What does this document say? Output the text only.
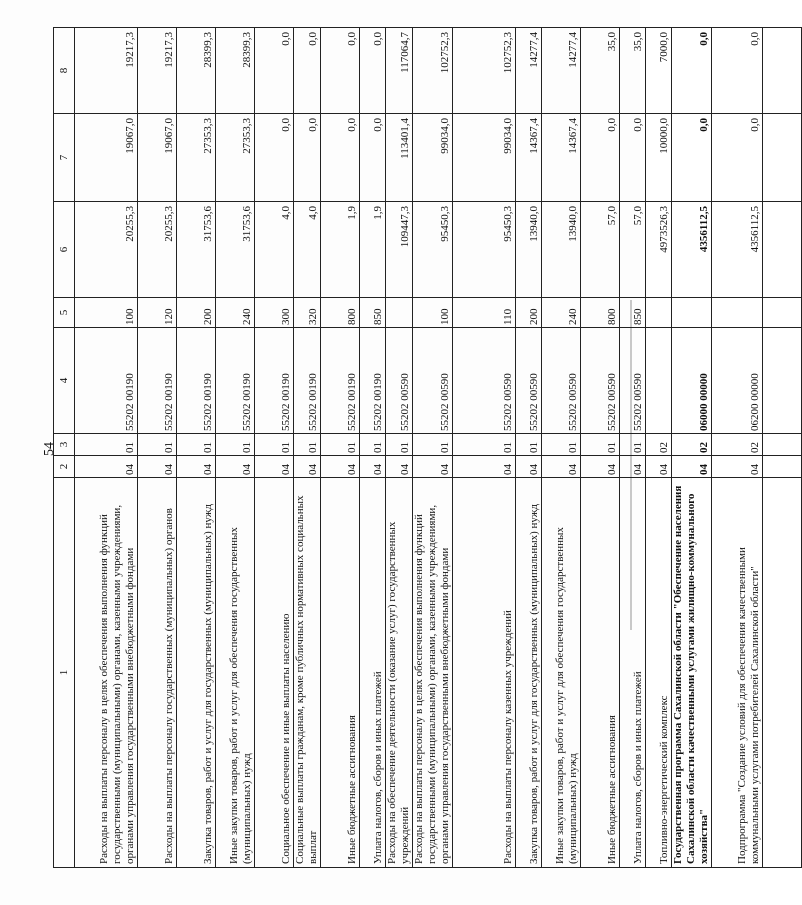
54
1	2	3	4	5	6	7	8
Расходы на выплаты персоналу в целях обеспечения выполнения функций государственными (муниципальными) органами, казенными учреждениями, органами управления государственными внебюджетными фондами	04	01	55202 00190	100	20255,3	19067,0	19217,3
Расходы на выплаты персоналу государственных (муниципальных) органов	04	01	55202 00190	120	20255,3	19067,0	19217,3
Закупка товаров, работ и услуг для государственных (муниципальных) нужд	04	01	55202 00190	200	31753,6	27353,3	28399,3
Иные закупки товаров, работ и услуг для обеспечения государственных (муниципальных) нужд	04	01	55202 00190	240	31753,6	27353,3	28399,3
Социальное обеспечение и иные выплаты населению	04	01	55202 00190	300	4,0	0,0	0,0
Социальные выплаты гражданам, кроме публичных нормативных социальных выплат	04	01	55202 00190	320	4,0	0,0	0,0
Иные бюджетные ассигнования	04	01	55202 00190	800	1,9	0,0	0,0
Уплата налогов, сборов и иных платежей	04	01	55202 00190	850	1,9	0,0	0,0
Расходы на обеспечение деятельности (оказание услуг) государственных учреждений	04	01	55202 00590		109447,3	113401,4	117064,7
Расходы на выплаты персоналу в целях обеспечения выполнения функций государственными (муниципальными) органами, казенными учреждениями, органами управления государственными внебюджетными фондами	04	01	55202 00590	100	95450,3	99034,0	102752,3
Расходы на выплаты персоналу казенных учреждений	04	01	55202 00590	110	95450,3	99034,0	102752,3
Закупка товаров, работ и услуг для государственных (муниципальных) нужд	04	01	55202 00590	200	13940,0	14367,4	14277,4
Иные закупки товаров, работ и услуг для обеспечения государственных (муниципальных) нужд	04	01	55202 00590	240	13940,0	14367,4	14277,4
Иные бюджетные ассигнования	04	01	55202 00590	800	57,0	0,0	35,0
Уплата налогов, сборов и иных платежей	04	01	55202 00590	850	57,0	0,0	35,0
Топливно-энергетический комплекс	04	02			4973526,3	10000,0	7000,0
Государственная программа Сахалинской области "Обеспечение населения Сахалинской области качественными услугами жилищно-коммунального хозяйства"	04	02	06000 00000		4356112,5	0,0	0,0
Подпрограмма "Создание условий для обеспечения качественными коммунальными услугами потребителей Сахалинской области"	04	02	06200 00000		4356112,5	0,0	0,0
